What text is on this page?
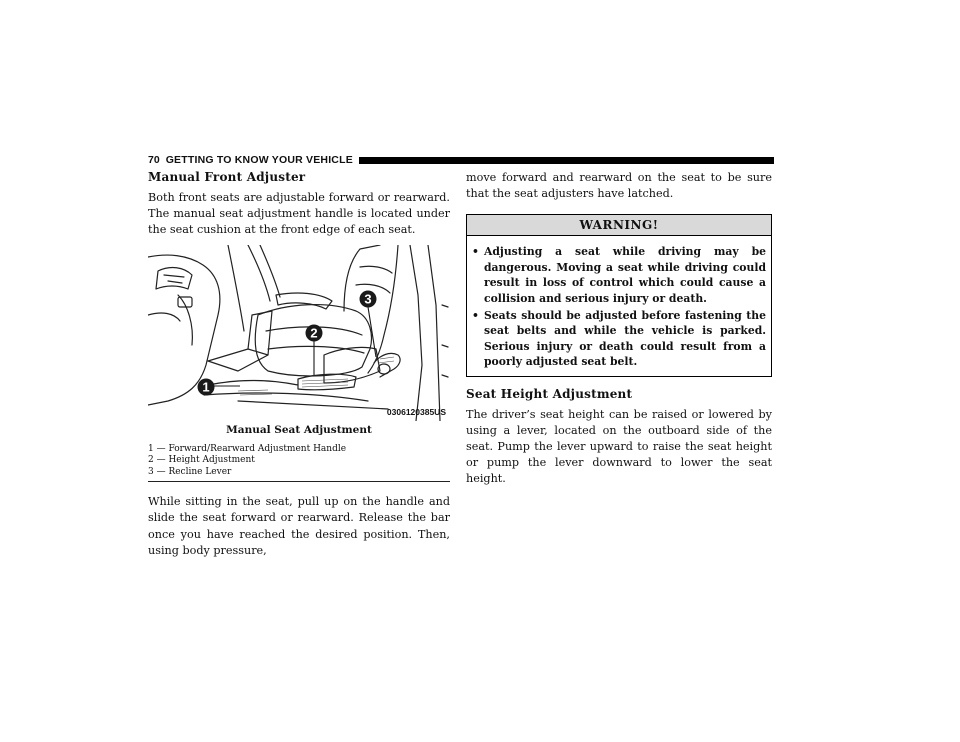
70 GETTING TO KNOW YOUR VEHICLE
Manual Front Adjuster

Both front seats are adjustable forward or rearward. The manual seat adjustment handle is located under the seat cushion at the front edge of each seat.

1
2
3
0306120385US
Manual Seat Adjustment
1 — Forward/Rearward Adjustment Handle
2 — Height Adjustment
3 — Recline Lever

While sitting in the seat, pull up on the handle and slide the seat forward or rearward. Release the bar once you have reached the desired position. Then, using body pressure,

move forward and rearward on the seat to be sure that the seat adjusters have latched.

WARNING!
• Adjusting a seat while driving may be dangerous. Moving a seat while driving could result in loss of control which could cause a collision and serious injury or death.
• Seats should be adjusted before fastening the seat belts and while the vehicle is parked. Serious injury or death could result from a poorly adjusted seat belt.
Seat Height Adjustment

The driver’s seat height can be raised or lowered by using a lever, located on the outboard side of the seat. Pump the lever upward to raise the seat height or pump the lever downward to lower the seat height.
